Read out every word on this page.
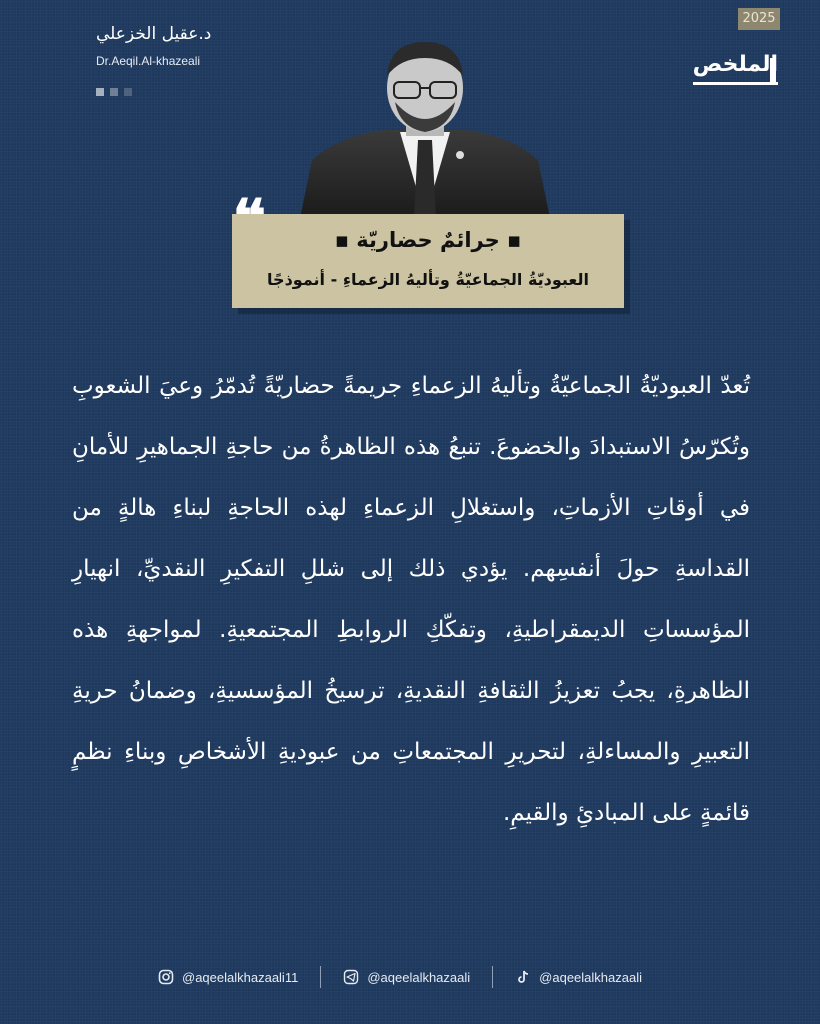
2025
الملخص
د.عقيل الخزعلي
Dr.Aeqil.Al-khazeali
▪ جرائمٌ حضاريّة ▪
العبوديّةُ الجماعيّةُ وتأليهُ الزعماءِ - أنموذجًا
تُعدّ العبوديّةُ الجماعيّةُ وتأليهُ الزعماءِ جريمةً حضاريّةً تُدمّرُ وعيَ الشعوبِ وتُكرّسُ الاستبدادَ والخضوعَ. تنبعُ هذه الظاهرةُ من حاجةِ الجماهيرِ للأمانِ في أوقاتِ الأزماتِ، واستغلالِ الزعماءِ لهذه الحاجةِ لبناءِ هالةٍ من القداسةِ حولَ أنفسِهم. يؤدي ذلك إلى شللِ التفكيرِ النقديِّ، انهيارِ المؤسساتِ الديمقراطيةِ، وتفكّكِ الروابطِ المجتمعيةِ. لمواجهةِ هذه الظاهرةِ، يجبُ تعزيزُ الثقافةِ النقديةِ، ترسيخُ المؤسسيةِ، وضمانُ حريةِ التعبيرِ والمساءلةِ، لتحريرِ المجتمعاتِ من عبوديةِ الأشخاصِ وبناءِ نظمٍ قائمةٍ على المبادئِ والقيمِ.
@aqeelalkhazaali11	@aqeelalkhazaali	@aqeelalkhazaali
